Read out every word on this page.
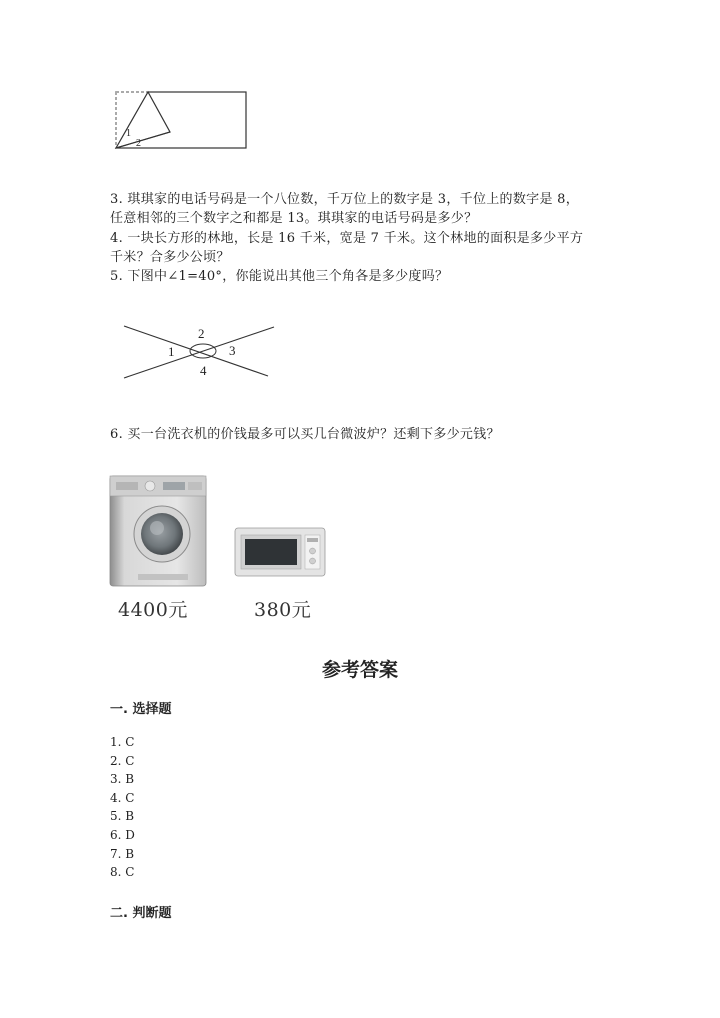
1
2
3. 琪琪家的电话号码是一个八位数，千万位上的数字是 3，千位上的数字是 8，
任意相邻的三个数字之和都是 13。琪琪家的电话号码是多少？
4. 一块长方形的林地，长是 16 千米，宽是 7 千米。这个林地的面积是多少平方
千米？合多少公顷？
5. 下图中∠1=40°，你能说出其他三个角各是多少度吗？
1
2
3
4
6. 买一台洗衣机的价钱最多可以买几台微波炉？还剩下多少元钱？
4400元	380元
参考答案
一. 选择题
1. C
2. C
3. B
4. C
5. B
6. D
7. B
8. C
二. 判断题
